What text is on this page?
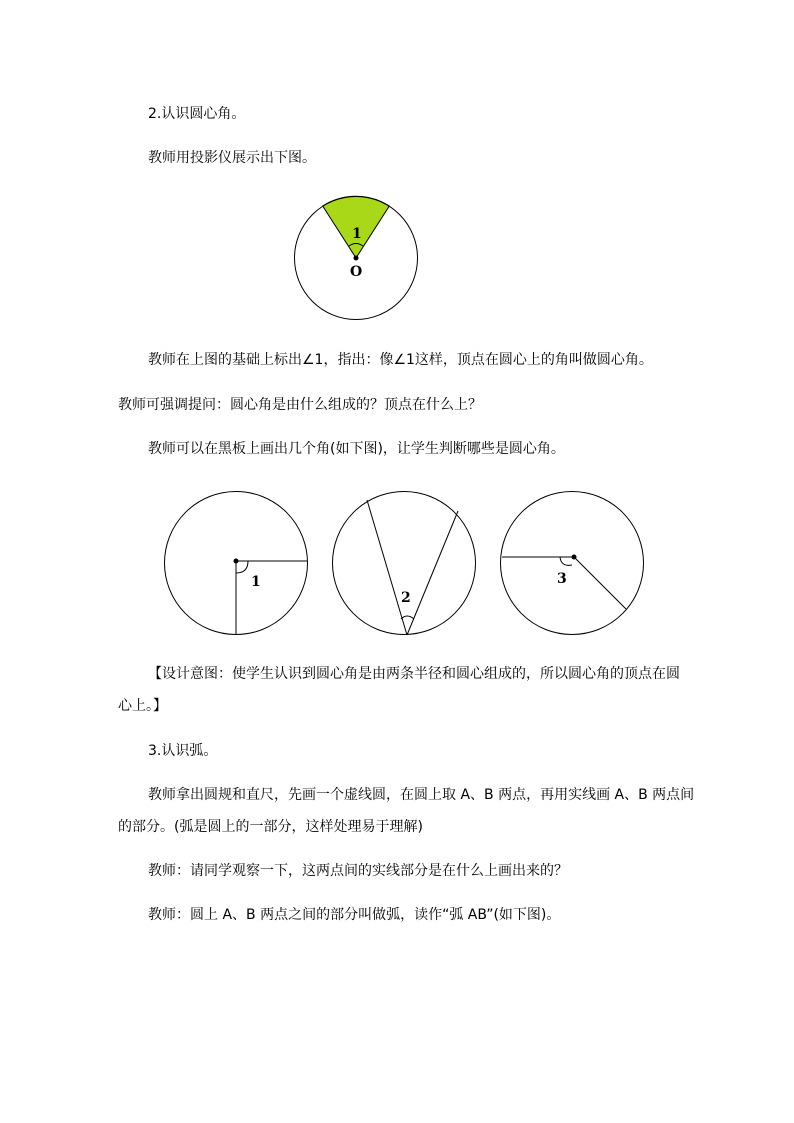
2.认识圆心角。
教师用投影仪展示出下图。
1
O
教师在上图的基础上标出∠1，指出：像∠1这样，顶点在圆心上的角叫做圆心角。
教师可强调提问：圆心角是由什么组成的？顶点在什么上？
教师可以在黑板上画出几个角(如下图)，让学生判断哪些是圆心角。
1
2
3
【设计意图：使学生认识到圆心角是由两条半径和圆心组成的，所以圆心角的顶点在圆
心上。】
3.认识弧。
教师拿出圆规和直尺，先画一个虚线圆，在圆上取 A、B 两点，再用实线画 A、B 两点间
的部分。(弧是圆上的一部分，这样处理易于理解)
教师：请同学观察一下，这两点间的实线部分是在什么上画出来的？
教师：圆上 A、B 两点之间的部分叫做弧，读作“弧 AB”(如下图)。
